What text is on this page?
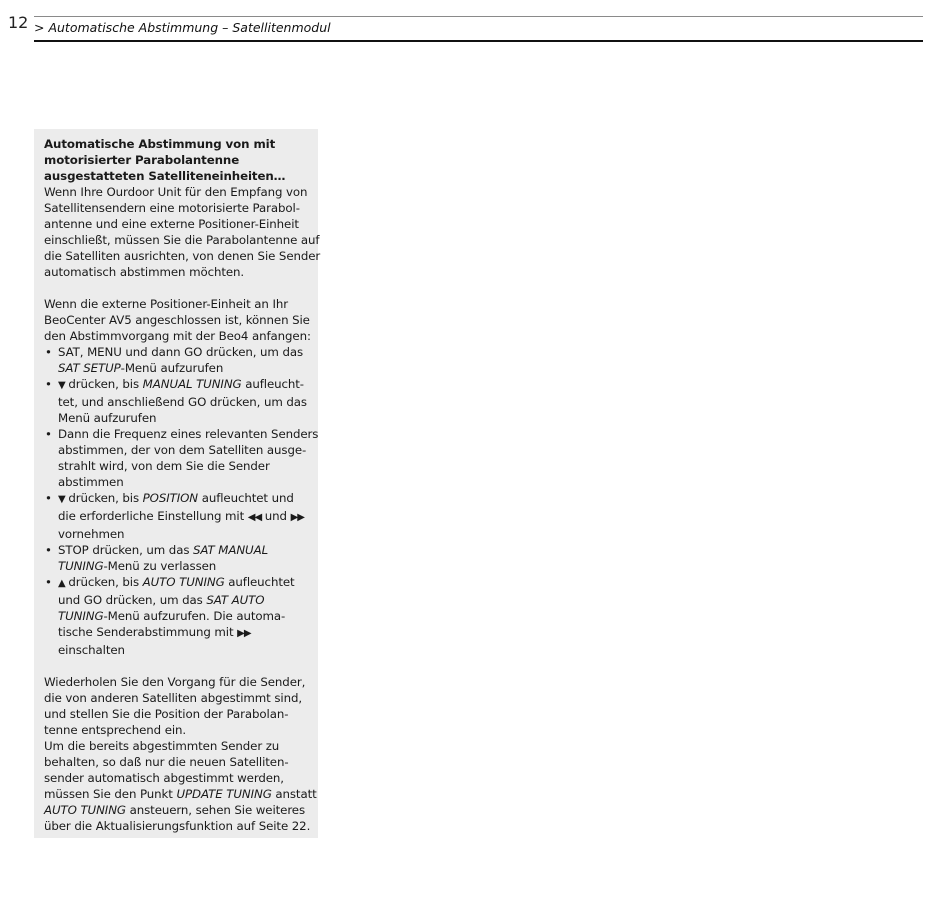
12 > Automatische Abstimmung – Satellitenmodul

Automatische Abstimmung von mit
motorisierter Parabolantenne
ausgestatteten Satelliteneinheiten…

Wenn Ihre Ourdoor Unit für den Empfang von
Satellitensendern eine motorisierte Parabol-
antenne und eine externe Positioner-Einheit
einschließt, müssen Sie die Parabolantenne auf
die Satelliten ausrichten, von denen Sie Sender
automatisch abstimmen möchten.

Wenn die externe Positioner-Einheit an Ihr
BeoCenter AV5 angeschlossen ist, können Sie
den Abstimmvorgang mit der Beo4 anfangen:

• SAT, MENU und dann GO drücken, um das
SAT SETUP-Menü aufzurufen
• ▼ drücken, bis MANUAL TUNING aufleucht-
tet, und anschließend GO drücken, um das
Menü aufzurufen
• Dann die Frequenz eines relevanten Senders
abstimmen, der von dem Satelliten ausge-
strahlt wird, von dem Sie die Sender
abstimmen
• ▼ drücken, bis POSITION aufleuchtet und
die erforderliche Einstellung mit ◀◀ und ▶▶
vornehmen
• STOP drücken, um das SAT MANUAL
TUNING-Menü zu verlassen
• ▲ drücken, bis AUTO TUNING aufleuchtet
und GO drücken, um das SAT AUTO
TUNING-Menü aufzurufen. Die automa-
tische Senderabstimmung mit ▶▶
einschalten

Wiederholen Sie den Vorgang für die Sender,
die von anderen Satelliten abgestimmt sind,
und stellen Sie die Position der Parabolan-
tenne entsprechend ein.
Um die bereits abgestimmten Sender zu
behalten, so daß nur die neuen Satelliten-
sender automatisch abgestimmt werden,
müssen Sie den Punkt UPDATE TUNING anstatt
AUTO TUNING ansteuern, sehen Sie weiteres
über die Aktualisierungsfunktion auf Seite 22.
